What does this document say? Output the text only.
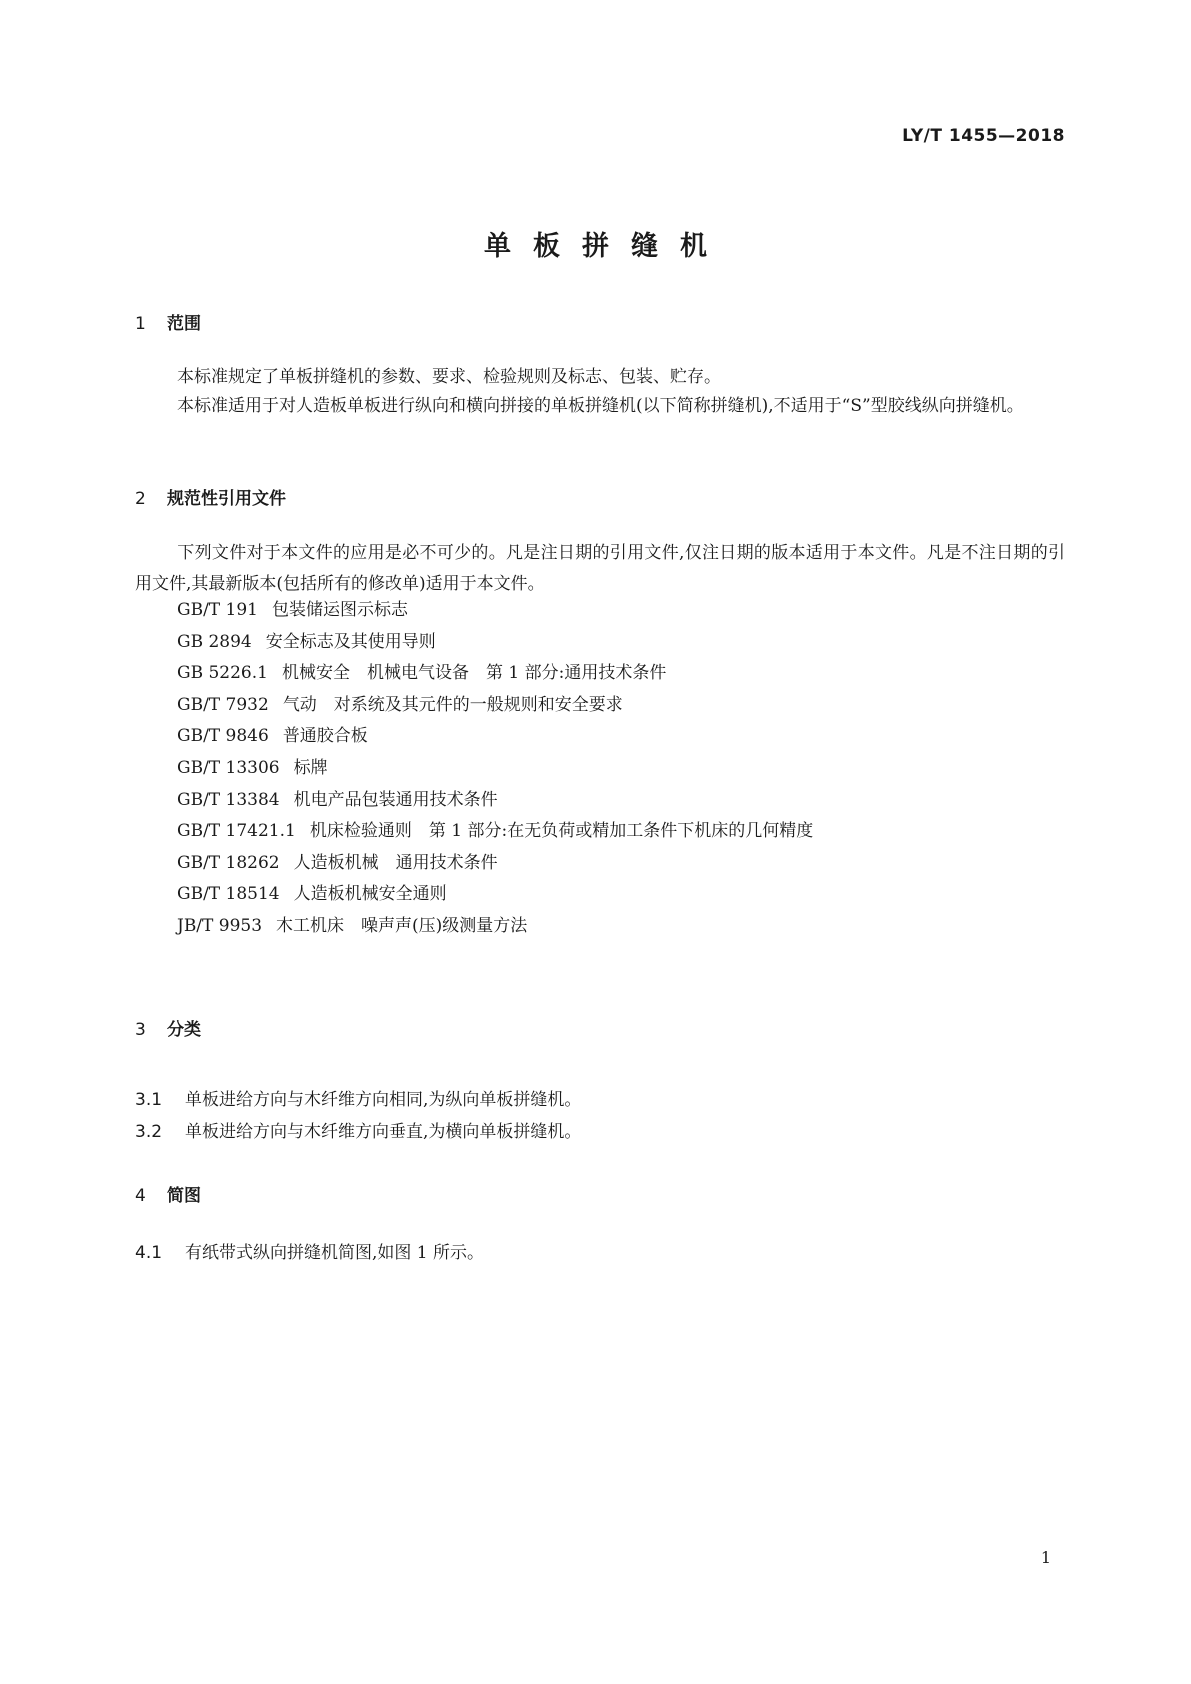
LY/T 1455—2018
单板拼缝机
1 范围
本标准规定了单板拼缝机的参数、要求、检验规则及标志、包装、贮存。
本标准适用于对人造板单板进行纵向和横向拼接的单板拼缝机(以下简称拼缝机),不适用于“S”型胶线纵向拼缝机。
2 规范性引用文件
下列文件对于本文件的应用是必不可少的。凡是注日期的引用文件,仅注日期的版本适用于本文件。凡是不注日期的引用文件,其最新版本(包括所有的修改单)适用于本文件。
GB/T 191 包装储运图示标志
GB 2894 安全标志及其使用导则
GB 5226.1 机械安全　机械电气设备　第 1 部分:通用技术条件
GB/T 7932 气动　对系统及其元件的一般规则和安全要求
GB/T 9846 普通胶合板
GB/T 13306 标牌
GB/T 13384 机电产品包装通用技术条件
GB/T 17421.1 机床检验通则　第 1 部分:在无负荷或精加工条件下机床的几何精度
GB/T 18262 人造板机械　通用技术条件
GB/T 18514 人造板机械安全通则
JB/T 9953 木工机床　噪声声(压)级测量方法
3 分类
3.1 单板进给方向与木纤维方向相同,为纵向单板拼缝机。
3.2 单板进给方向与木纤维方向垂直,为横向单板拼缝机。
4 简图
4.1 有纸带式纵向拼缝机简图,如图 1 所示。
1
